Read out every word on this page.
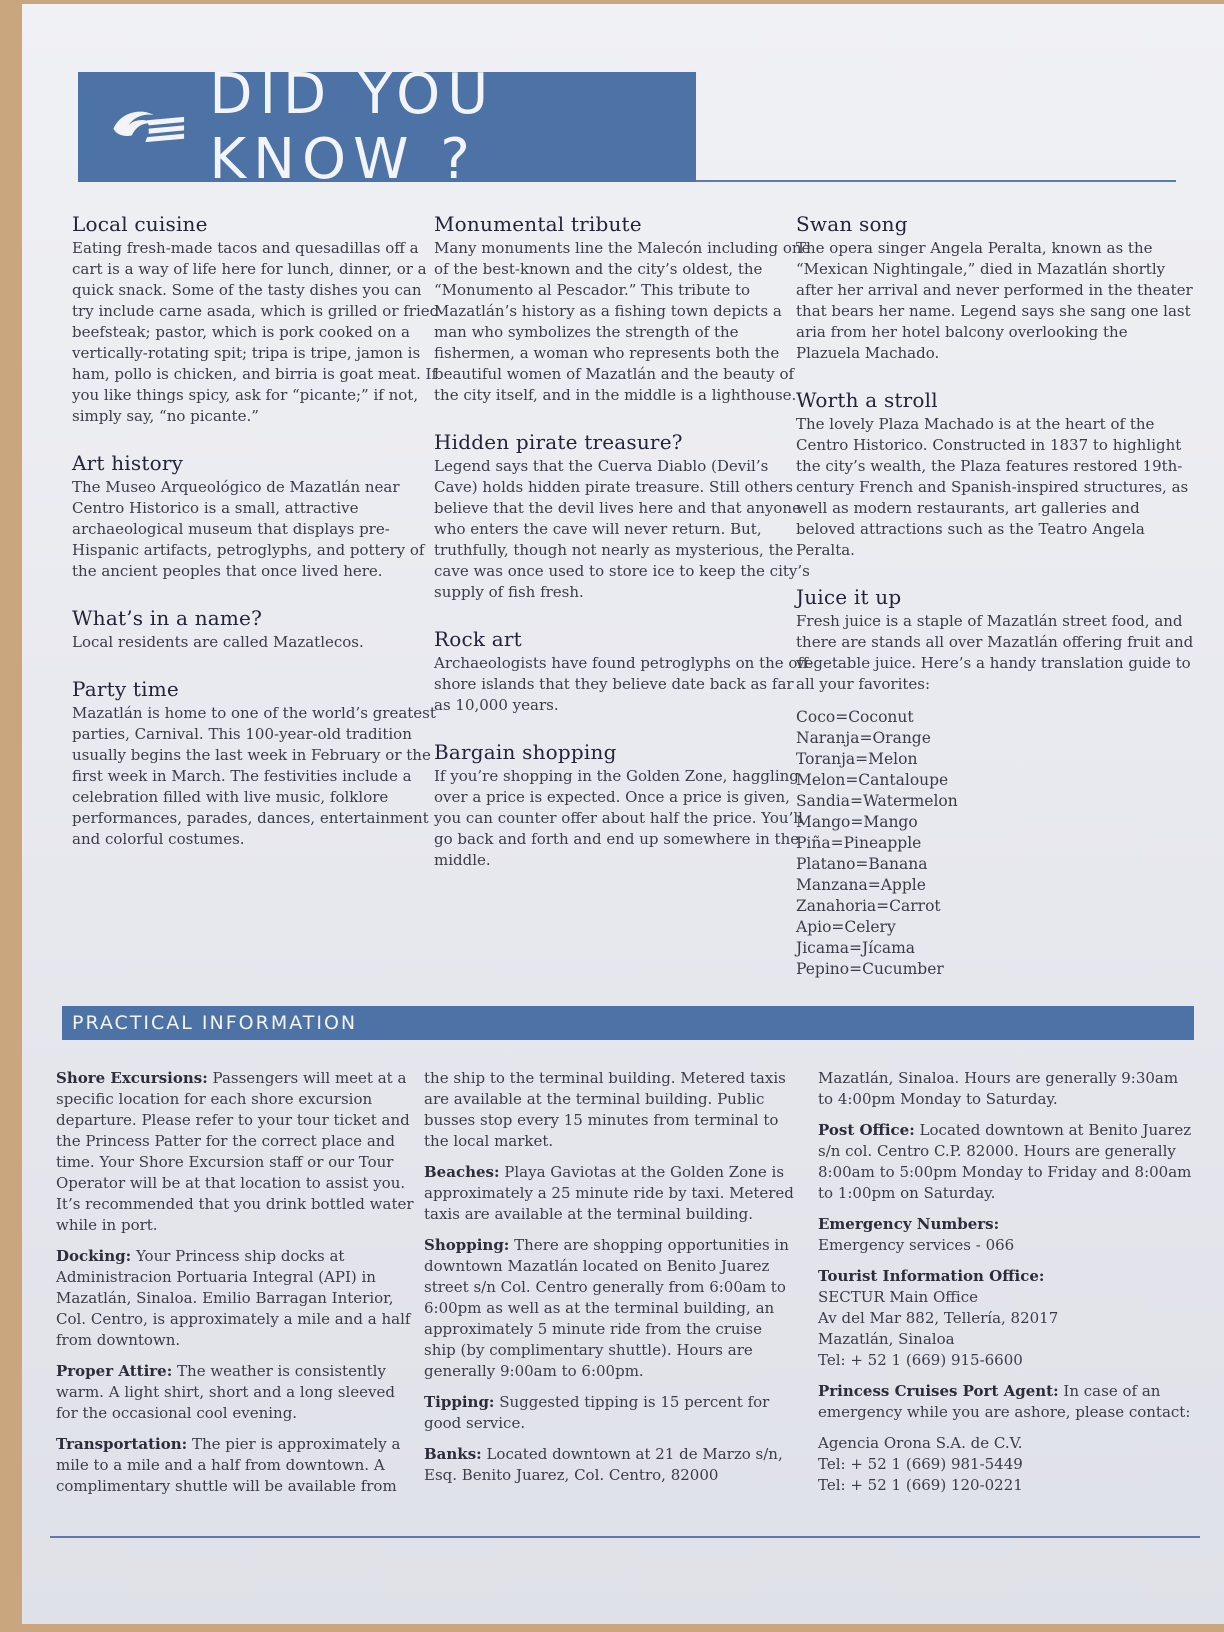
DID YOU KNOW ?
Local cuisine

Eating fresh-made tacos and quesadillas off a cart is a way of life here for lunch, dinner, or a quick snack. Some of the tasty dishes you can try include carne asada, which is grilled or fried beefsteak; pastor, which is pork cooked on a vertically-rotating spit; tripa is tripe, jamon is ham, pollo is chicken, and birria is goat meat. If you like things spicy, ask for “picante;” if not, simply say, “no picante.”

Art history

The Museo Arqueológico de Mazatlán near Centro Historico is a small, attractive archaeological museum that displays pre-Hispanic artifacts, petroglyphs, and pottery of the ancient peoples that once lived here.

What’s in a name?

Local residents are called Mazatlecos.

Party time

Mazatlán is home to one of the world’s greatest parties, Carnival. This 100-year-old tradition usually begins the last week in February or the first week in March. The festivities include a celebration filled with live music, folklore performances, parades, dances, entertainment and colorful costumes.

Monumental tribute

Many monuments line the Malecón including one of the best-known and the city’s oldest, the “Monumento al Pescador.” This tribute to Mazatlán’s history as a fishing town depicts a man who symbolizes the strength of the fishermen, a woman who represents both the beautiful women of Mazatlán and the beauty of the city itself, and in the middle is a lighthouse.

Hidden pirate treasure?

Legend says that the Cuerva Diablo (Devil’s Cave) holds hidden pirate treasure. Still others believe that the devil lives here and that anyone who enters the cave will never return. But, truthfully, though not nearly as mysterious, the cave was once used to store ice to keep the city’s supply of fish fresh.

Rock art

Archaeologists have found petroglyphs on the off-shore islands that they believe date back as far as 10,000 years.

Bargain shopping

If you’re shopping in the Golden Zone, haggling over a price is expected. Once a price is given, you can counter offer about half the price. You’ll go back and forth and end up somewhere in the middle.

Swan song

The opera singer Angela Peralta, known as the “Mexican Nightingale,” died in Mazatlán shortly after her arrival and never performed in the theater that bears her name. Legend says she sang one last aria from her hotel balcony overlooking the Plazuela Machado.

Worth a stroll

The lovely Plaza Machado is at the heart of the Centro Historico. Constructed in 1837 to highlight the city’s wealth, the Plaza features restored 19th-century French and Spanish-inspired structures, as well as modern restaurants, art galleries and beloved attractions such as the Teatro Angela Peralta.

Juice it up

Fresh juice is a staple of Mazatlán street food, and there are stands all over Mazatlán offering fruit and vegetable juice. Here’s a handy translation guide to all your favorites:

Coco=Coconut
Naranja=Orange
Toranja=Melon
Melon=Cantaloupe
Sandia=Watermelon
Mango=Mango
Piña=Pineapple
Platano=Banana
Manzana=Apple
Zanahoria=Carrot
Apio=Celery
Jicama=Jícama
Pepino=Cucumber
PRACTICAL INFORMATION
Shore Excursions: Passengers will meet at a specific location for each shore excursion departure. Please refer to your tour ticket and the Princess Patter for the correct place and time. Your Shore Excursion staff or our Tour Operator will be at that location to assist you. It’s recommended that you drink bottled water while in port.
Docking: Your Princess ship docks at Administracion Portuaria Integral (API) in Mazatlán, Sinaloa. Emilio Barragan Interior, Col. Centro, is approximately a mile and a half from downtown.
Proper Attire: The weather is consistently warm. A light shirt, short and a long sleeved for the occasional cool evening.
Transportation: The pier is approximately a mile to a mile and a half from downtown. A complimentary shuttle will be available from
the ship to the terminal building. Metered taxis are available at the terminal building. Public busses stop every 15 minutes from terminal to the local market.
Beaches: Playa Gaviotas at the Golden Zone is approximately a 25 minute ride by taxi. Metered taxis are available at the terminal building.
Shopping: There are shopping opportunities in downtown Mazatlán located on Benito Juarez street s/n Col. Centro generally from 6:00am to 6:00pm as well as at the terminal building, an approximately 5 minute ride from the cruise ship (by complimentary shuttle). Hours are generally 9:00am to 6:00pm.
Tipping: Suggested tipping is 15 percent for good service.
Banks: Located downtown at 21 de Marzo s/n, Esq. Benito Juarez, Col. Centro, 82000
Mazatlán, Sinaloa. Hours are generally 9:30am to 4:00pm Monday to Saturday.
Post Office: Located downtown at Benito Juarez s/n col. Centro C.P. 82000. Hours are generally 8:00am to 5:00pm Monday to Friday and 8:00am to 1:00pm on Saturday.
Emergency Numbers:
Emergency services - 066
Tourist Information Office:
SECTUR Main Office
Av del Mar 882, Tellería, 82017
Mazatlán, Sinaloa
Tel: + 52 1 (669) 915-6600
Princess Cruises Port Agent: In case of an emergency while you are ashore, please contact:
Agencia Orona S.A. de C.V.
Tel: + 52 1 (669) 981-5449
Tel: + 52 1 (669) 120-0221
